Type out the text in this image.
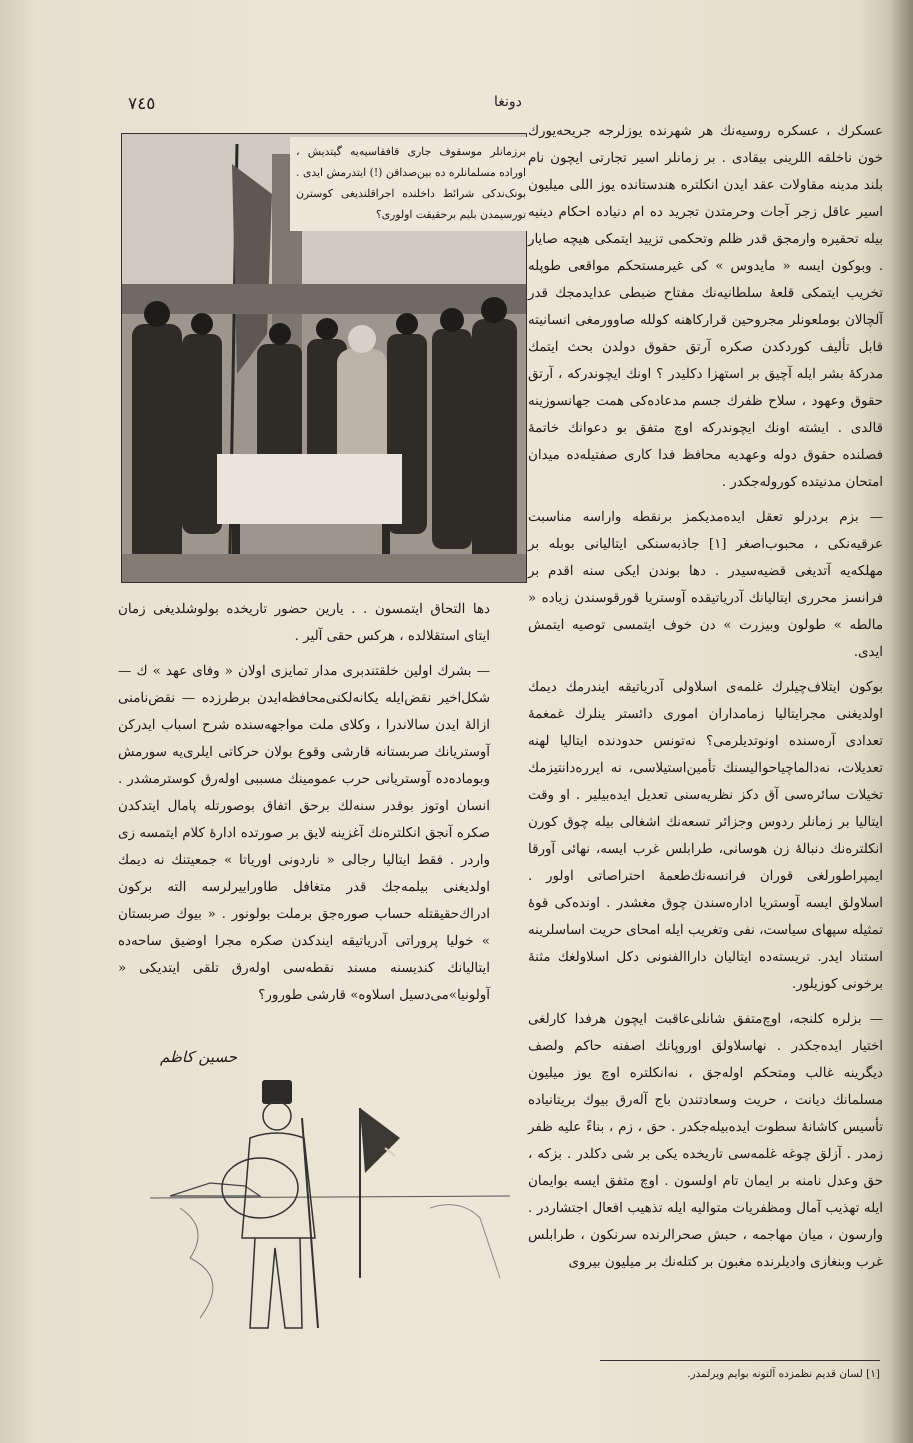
٧٤٥	دونغا
برزمانلر موسقوف جاری قافقاسیه‌یه گیتدیش ، اوراده مسلمانلره ده بین‌صداقن (!) ایتدرمش ایدی . بونک‌ندکی شرائط داخلنده اجراقلندیغی کوسترن تورسیمدن بلیم برحقیقت اولوری؟

عسکرك ، عسکره روسیه‌نك هر شهرنده یوزلرجه جریحه‌یورك خون ناخلقه اللرینی بیقادی . بر زمانلر اسیر تجارتی ایچون نام بلند مدینه مقاولات عقد ایدن انکلتره هندستانده یوز اللی میلیون اسیر عاقل زجر آجات وحرمتدن تجرید ده ام دنیاده احکام دینیه بیله تحقیره وارمجق قدر ظلم وتحکمی تزیید ایتمکی هیچه صایار . وبوکون ایسه « مایدوس » کی غیرمستحکم مواقعی طوپله تخریب ایتمکی قلعهٔ سلطانیه‌نك مفتاح ضبطی عدایدمجك قدر آلچالان بوملعونلر مجروحین قرارکاهنه کولله صاوورمغی انسانیته قابل تألیف کوردکدن صکره آرتق حقوق دولدن بحث ایتمك مدرکهٔ بشر ایله آچیق بر استهزا دکلیدر ؟ اونك ایچوندرکه ، آرتق حقوق وعهود ، سلاح ظفرك جسم مدعاده‌کی همت جهانسوزینه قالدی . ایشته اونك ایچوندرکه اوچ متفق بو دعوانك خاتمهٔ فصلنده حقوق دوله وعهدیه محافظ فدا کاری صفتیله‌ده میدان امتحان مدنیتده کوروله‌جکدر .

— بزم بردرلو تعقل ایده‌مدیکمز برنقطه واراسه مناسبت عرقیه‌نکی ، محبوب‌اصغر [۱] جاذبه‌سنکی ایتالیانی بوبله بر مهلکه‌یه آتدیغی قضیه‌سیدر . دها بوندن ایکی سنه اقدم بر فرانسز محرری ایتالیانك آدریاتیقده آوستریا قورقوسندن زیاده « مالطه » طولون وبیزرت » دن خوف ایتمسی توصیه ایتمش ایدی.

بوکون ایتلاف‌چیلرك غلمه‌ی اسلاولی آدریاتیقه ایندرمك دیمك اولدیغنی مجرایتالیا زمامداران اموری دائستر ینلرك غمغمهٔ تعدادی آره‌سنده اونوتدیلرمی؟ نه‌تونس حدودنده ایتالیا لهنه تعدیلات، نه‌دالماچیاحوالیسنك تأمین‌استیلاسی، نه ایرره‌دانتیزمك تخیلات سائره‌سی آق دکز نظریه‌سنی تعدیل ایده‌بیلیر . او وقت ایتالیا بر زمانلر ردوس وجزائر تسعه‌نك اشغالی بیله چوق کورن انکلتره‌نك دنبالهٔ زن هوسانی، طرابلس غرب ایسه، نهائی آورقا ایمپراطورلغی قوران فرانسه‌نك‌طعمهٔ احتراصاتی اولور . اسلاولق ایسه آوستریا اداره‌سندن چوق مغشدر . اونده‌کی قوهٔ تمثیله سپهای سیاست، نفی وتغریب ایله امحای حریت اساسلرینه استناد ایدر. تریسته‌ده ایتالیان داراالفنونی دکل اسلاولغك مثنهٔ برخونی کوزیلور.

— بزلره کلنجه، اوچ‌متفق شانلی‌عاقبت ایچون هرفدا کارلغی اختیار ایده‌جکدر . نهاسلاولق اوروپانك اصفنه حاکم ولصف دیگرینه غالب ومتحکم اوله‌جق ، نه‌انکلتره اوچ یوز میلیون مسلمانك دیانت ، حریت وسعادتندن باج آله‌رق بیوك بریتانیاده تأسیس کاشانهٔ سطوت ایده‌بیله‌جکدر . حق ، زم ، بناءً علیه ظفر زمدر . آزلق چوغه غلمه‌سی تاریخده یکی بر شی دکلدر . بزکه ، حق وعدل نامنه بر ایمان تام اولسون . اوچ متفق ایسه بوایمان ایله تهذیب آمال ومظفریات متوالیه ایله تذهیب افعال اجتشارد‌ر . وارسون ، میان مهاجمه ، حبش صحرالرنده سرنکون ، طرابلس غرب وبنغازی وادیلرنده مغبون بر کتله‌نك بر میلیون بیروی

دها التحاق ایتمسون . . یارین حضور تاریخده بولوشلدیغی زمان ایتای استقلالده ، هرکس حقی آلیر .

— بشرك اولین خلقتندبری مدار تمایزی اولان « وفای عهد » ك — شکل‌اخیر نقض‌ایله یکانه‌لکنی‌محافظه‌ایدن برطرزده — نقض‌نامنی ازالهٔ ایدن سالاندرا ، وکلای ملت مواجهه‌سنده شرح اسباب ایدرکن آوستریانك صربستانه قارشی وقوع بولان حرکاتی ایلری‌یه سورمش وبوماده‌ده آوستریانی حرب عمومینك مسببی اوله‌رق کوسترمشدر . انسان اوتوز بوقدر سنه‌لك برحق اتفاق بوصورتله پامال ایتدکدن صکره آنجق انکلتره‌نك آغزینه لایق بر صورتده ادارهٔ کلام ایتمسه زی واردر . فقط ایتالیا رجالی « ناردونی اوریاتا » جمعیتنك نه دیمك اولدیغنی بیلمه‌جك قدر متغافل طاوراییرلرسه الته برکون ادراك‌حقیقتله حساب صوره‌جق برملت بولونور . « بیوك صربستان » خولیا پروراتی آدریاتیقه ایندکدن صکره مجرا اوضیق ساحه‌ده ایتالیانك کندیسنه مسند نقطه‌سی اوله‌رق تلقی ایتدیکی « آولونیا»می‌دسیل اسلاوه» قارشی طورور؟

حسین کاظم
[۱] لسان قدیم نظمزده آلتونه بوایم ویرلمدر.
